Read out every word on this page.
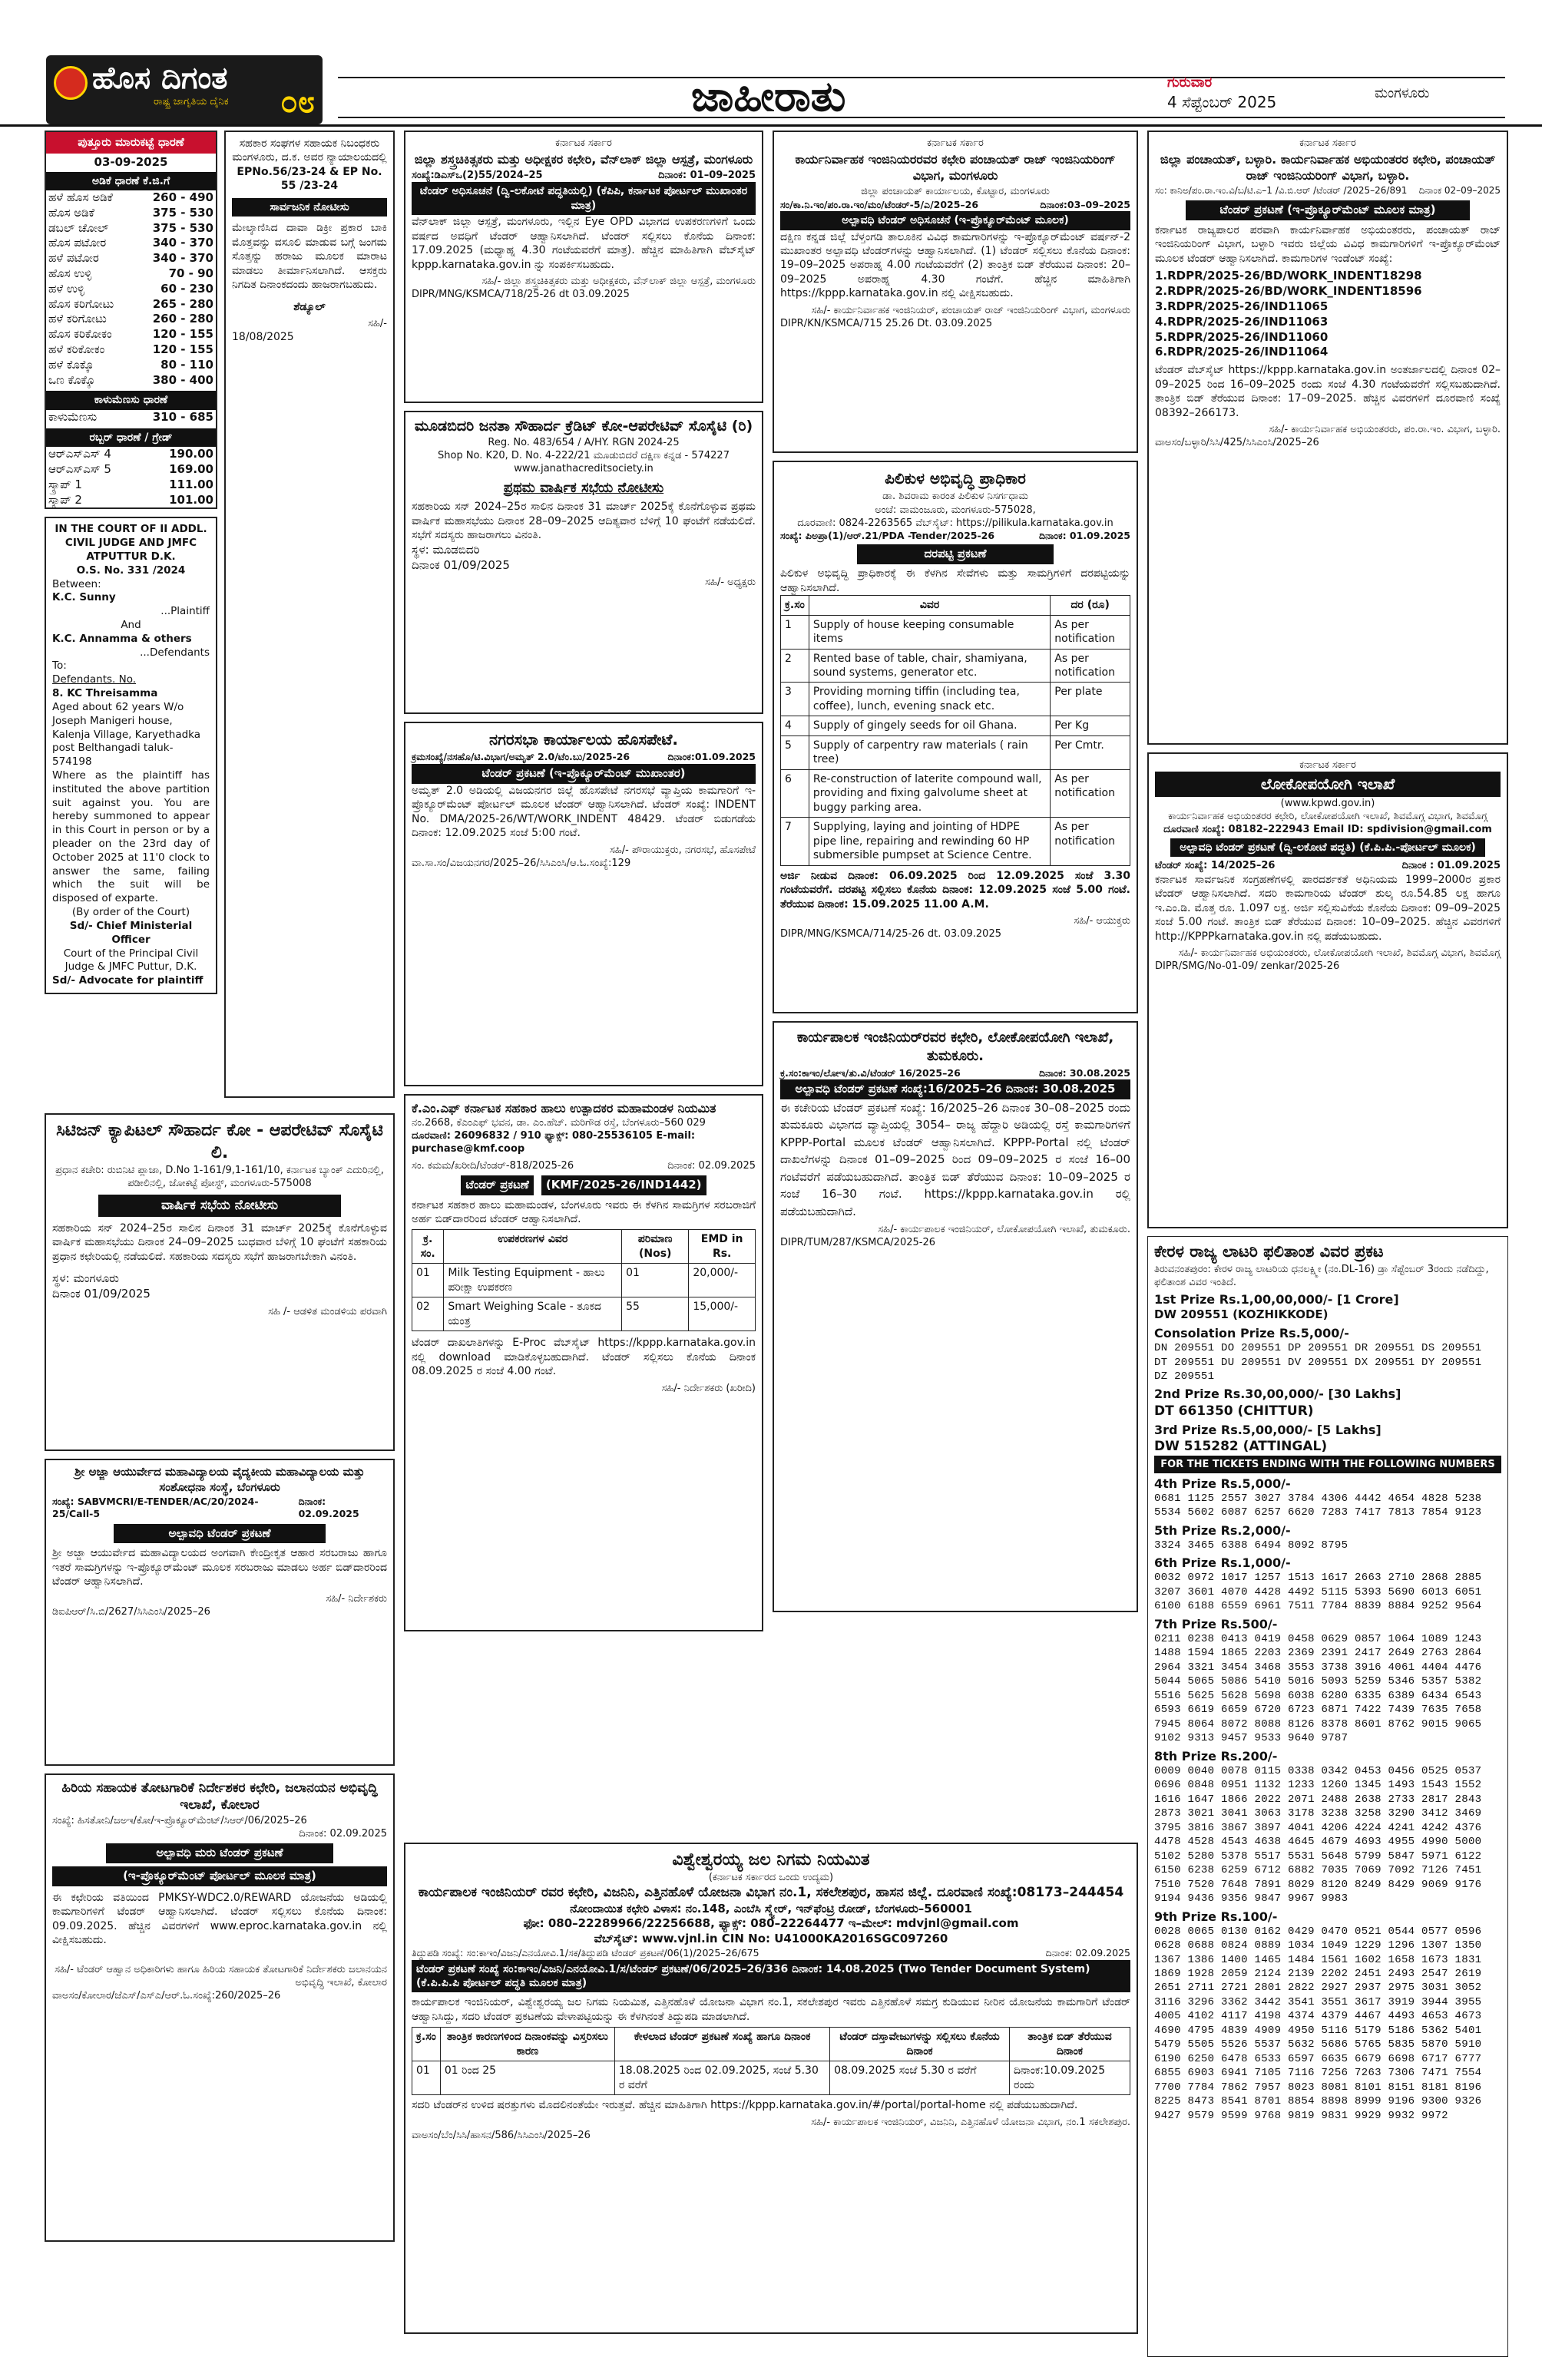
ಹೊಸ ದಿಗಂತ
ರಾಷ್ಟ್ರ ಜಾಗೃತಿಯ ದೈನಿಕ ೦೮	ಜಾಹೀರಾತು	ಗುರುವಾರ
4 ಸೆಪ್ಟೆಂಬರ್ 2025	ಮಂಗಳೂರು
ಪುತ್ತೂರು ಮಾರುಕಟ್ಟೆ ಧಾರಣೆ
03-09-2025
ಅಡಿಕೆ ಧಾರಣೆ ಕೆ.ಜಿ.ಗೆ
ಹಳೆ ಹೊಸ ಅಡಿಕೆ	260 - 490
ಹೊಸ ಅಡಿಕೆ	375 - 530
ಡಬಲ್ ಚೋಲ್	375 - 530
ಹೊಸ ಪಟೋರ	340 - 370
ಹಳೆ ಪಟೋರ	340 - 370
ಹೊಸ ಉಳ್ಳಿ	70 - 90
ಹಳೆ ಉಳ್ಳಿ	60 - 230
ಹೊಸ ಕರಿಗೋಟು	265 - 280
ಹಳೆ ಕರಿಗೋಟು	260 - 280
ಹೊಸ ಕರಿಕೋಕಂ	120 - 155
ಹಳೆ ಕರಿಕೋಕಂ	120 - 155
ಹಳೆ ಕೊಕ್ಕೊ	80 - 110
ಒಣ ಕೊಕ್ಕೊ	380 - 400
ಕಾಳುಮೆಣಸು ಧಾರಣೆ
ಕಾಳುಮೆಣಸು	310 - 685
ರಬ್ಬರ್ ಧಾರಣೆ / ಗ್ರೇಡ್
ಆರ್‌ಎಸ್‌ಎಸ್ 4	190.00
ಆರ್‌ಎಸ್‌ಎಸ್ 5	169.00
ಸ್ಕ್ರಾಪ್ 1	111.00
ಸ್ಕ್ರಾಪ್ 2	101.00
IN THE COURT OF II ADDL. CIVIL JUDGE AND JMFC ATPUTTUR D.K.
O.S. No. 331 /2024
Between:
K.C. Sunny
...Plaintiff
And
K.C. Annamma & others
...Defendants
To:
Defendants. No.
8. KC Threisamma
Aged about 62 years W/o Joseph Manigeri house, Kalenja Village, Karyethadka post Belthangadi taluk-574198
Where as the plaintiff has instituted the above partition suit against you. You are hereby summoned to appear in this Court in person or by a pleader on the 23rd day of October 2025 at 11'0 clock to answer the same, failing which the suit will be disposed of exparte.
(By order of the Court)
Sd/- Chief Ministerial Officer
Court of the Principal Civil Judge & JMFC Puttur, D.K.
Sd/- Advocate for plaintiff
ಸಹಕಾರ ಸಂಘಗಳ ಸಹಾಯಕ ನಿಬಂಧಕರು ಮಂಗಳೂರು, ದ.ಕ. ಅವರ ನ್ಯಾಯಾಲಯದಲ್ಲಿ
EPNo.56/23-24 & EP No. 55 /23-24
ಸಾರ್ವಜನಿಕ ನೋಟೀಸು
ಮೇಲ್ಕಾಣಿಸಿದ ದಾವಾ ಡಿಕ್ರೀ ಪ್ರಕಾರ ಬಾಕಿ ಮೊತ್ತವನ್ನು ವಸೂಲಿ ಮಾಡುವ ಬಗ್ಗೆ ಜಂಗಮ ಸೊತ್ತನ್ನು ಹರಾಜು ಮೂಲಕ ಮಾರಾಟ ಮಾಡಲು ತೀರ್ಮಾನಿಸಲಾಗಿದೆ. ಆಸಕ್ತರು ನಿಗದಿತ ದಿನಾಂಕದಂದು ಹಾಜರಾಗಬಹುದು.
ಶೆಡ್ಯೂಲ್
ಸಹಿ/-
18/08/2025
ಸಿಟಿಜನ್ ಕ್ಯಾಪಿಟಲ್ ಸೌಹಾರ್ದ ಕೋ - ಆಪರೇಟಿವ್ ಸೊಸೈಟಿ ಲಿ.
ಪ್ರಧಾನ ಕಚೇರಿ: ರುಬಿನಿಟಿ ಪ್ಲಾಜಾ, D.No 1-161/9,1-161/10, ಕರ್ನಾಟಕ ಬ್ಯಾಂಕ್ ಎದುರಿನಲ್ಲಿ, ಪಡೀಲಿನಲ್ಲಿ, ಜೋಕಟ್ಟೆ ಪೋಸ್ಟ್, ಮಂಗಳೂರು-575008
ವಾರ್ಷಿಕ ಸಭೆಯ ನೋಟೀಸು
ಸಹಕಾರಿಯ ಸನ್ 2024–25ರ ಸಾಲಿನ ದಿನಾಂಕ 31 ಮಾರ್ಚ್ 2025ಕ್ಕೆ ಕೊನೆಗೊಳ್ಳುವ ವಾರ್ಷಿಕ ಮಹಾಸಭೆಯು ದಿನಾಂಕ 24–09–2025 ಬುಧವಾರ ಬೆಳಿಗ್ಗೆ 10 ಘಂಟೆಗೆ ಸಹಕಾರಿಯ ಪ್ರಧಾನ ಕಛೇರಿಯಲ್ಲಿ ನಡೆಯಲಿದೆ. ಸಹಕಾರಿಯ ಸದಸ್ಯರು ಸಭೆಗೆ ಹಾಜರಾಗಬೇಕಾಗಿ ವಿನಂತಿ.
ಸ್ಥಳ: ಮಂಗಳೂರು
ದಿನಾಂಕ 01/09/2025
ಸಹಿ /- ಆಡಳಿತ ಮಂಡಳಿಯ ಪರವಾಗಿ
ಶ್ರೀ ಅಜ್ಜಾ ಆಯುರ್ವೇದ ಮಹಾವಿದ್ಯಾಲಯ ವೈದ್ಯಕೀಯ ಮಹಾವಿದ್ಯಾಲಯ ಮತ್ತು ಸಂಶೋಧನಾ ಸಂಸ್ಥೆ, ಬೆಂಗಳೂರು
ಸಂಖ್ಯೆ: SABVMCRI/E-TENDER/AC/20/2024-25/Call-5
ದಿನಾಂಕ: 02.09.2025
ಅಲ್ಪಾವಧಿ ಟೆಂಡರ್ ಪ್ರಕಟಣೆ
ಶ್ರೀ ಅಜ್ಜಾ ಆಯುರ್ವೇದ ಮಹಾವಿದ್ಯಾಲಯದ ಅಂಗವಾಗಿ ಕೇಂದ್ರೀಕೃತ ಆಹಾರ ಸರಬರಾಜು ಹಾಗೂ ಇತರೆ ಸಾಮಗ್ರಿಗಳನ್ನು ಇ-ಪ್ರೊಕ್ಯೂರ್‌ಮೆಂಟ್ ಮೂಲಕ ಸರಬರಾಜು ಮಾಡಲು ಅರ್ಹ ಬಿಡ್‌ದಾರರಿಂದ ಟೆಂಡರ್ ಆಹ್ವಾನಿಸಲಾಗಿದೆ.
ಸಹಿ/- ನಿರ್ದೇಶಕರು
ಡಿಐಪಿಆರ್/ಸಿ.ಬಿ/2627/ಸಿಸಿಎಂಸಿ/2025–26
ಹಿರಿಯ ಸಹಾಯಕ ತೋಟಗಾರಿಕೆ ನಿರ್ದೇಶಕರ ಕಛೇರಿ, ಜಲಾನಯನ ಅಭಿವೃದ್ಧಿ ಇಲಾಖೆ, ಕೋಲಾರ
ಸಂಖ್ಯೆ: ಹಿಸತೋನಿ/ಜಅಇ/ಕೋ/ಇ-ಪ್ರೊಕ್ಯೂರ್‌ಮೆಂಟ್/ಸಿಆರ್/06/2025–26
ದಿನಾಂಕ: 02.09.2025
ಅಲ್ಪಾವಧಿ ಮರು ಟೆಂಡರ್ ಪ್ರಕಟಣೆ
(ಇ-ಪ್ರೊಕ್ಯೂರ್‌ಮೆಂಟ್ ಪೋರ್ಟಲ್ ಮೂಲಕ ಮಾತ್ರ)
ಈ ಕಛೇರಿಯ ವತಿಯಿಂದ PMKSY-WDC2.0/REWARD ಯೋಜನೆಯ ಅಡಿಯಲ್ಲಿ ಕಾಮಗಾರಿಗಳಿಗೆ ಟೆಂಡರ್ ಆಹ್ವಾನಿಸಲಾಗಿದೆ. ಟೆಂಡರ್ ಸಲ್ಲಿಸಲು ಕೊನೆಯ ದಿನಾಂಕ: 09.09.2025. ಹೆಚ್ಚಿನ ವಿವರಗಳಿಗೆ www.eproc.karnataka.gov.in ನಲ್ಲಿ ವೀಕ್ಷಿಸಬಹುದು.
ಸಹಿ/- ಟೆಂಡರ್ ಆಹ್ವಾನ ಅಧಿಕಾರಿಗಳು ಹಾಗೂ ಹಿರಿಯ ಸಹಾಯಕ ತೋಟಗಾರಿಕೆ ನಿರ್ದೇಶಕರು ಜಲಾನಯನ ಅಭಿವೃದ್ಧಿ ಇಲಾಖೆ, ಕೋಲಾರ
ವಾಅಸಂ/ಕೋಲಾರ/ಜೆಎಸ್/ಎಸ್‌ಎ/ಆರ್.ಓ.ಸಂಖ್ಯೆ:260/2025–26
ಕರ್ನಾಟಕ ಸರ್ಕಾರ
ಜಿಲ್ಲಾ ಶಸ್ತ್ರಚಿಕಿತ್ಸಕರು ಮತ್ತು ಅಧೀಕ್ಷಕರ ಕಛೇರಿ, ವೆನ್‌ಲಾಕ್ ಜಿಲ್ಲಾ ಆಸ್ಪತ್ರೆ, ಮಂಗಳೂರು
ಸಂಖ್ಯೆ:ಡಿಎಸ್‌ಒ(2)55/2024–25	ದಿನಾಂಕ: 01–09–2025
ಟೆಂಡರ್ ಅಧಿಸೂಚನೆ (ದ್ವಿ-ಲಕೋಟೆ ಪದ್ಧತಿಯಲ್ಲಿ) (ಕೆಪಿಪಿ, ಕರ್ನಾಟಕ ಪೋರ್ಟಲ್ ಮುಖಾಂತರ ಮಾತ್ರ)
ವೆನ್‌ಲಾಕ್ ಜಿಲ್ಲಾ ಆಸ್ಪತ್ರೆ, ಮಂಗಳೂರು, ಇಲ್ಲಿನ Eye OPD ವಿಭಾಗದ ಉಪಕರಣಗಳಿಗೆ ಒಂದು ವರ್ಷದ ಅವಧಿಗೆ ಟೆಂಡರ್ ಆಹ್ವಾನಿಸಲಾಗಿದೆ. ಟೆಂಡರ್ ಸಲ್ಲಿಸಲು ಕೊನೆಯ ದಿನಾಂಕ: 17.09.2025 (ಮಧ್ಯಾಹ್ನ 4.30 ಗಂಟೆಯವರೆಗೆ ಮಾತ್ರ). ಹೆಚ್ಚಿನ ಮಾಹಿತಿಗಾಗಿ ವೆಬ್‌ಸೈಟ್ kppp.karnataka.gov.in ನ್ನು ಸಂಪರ್ಕಿಸಬಹುದು.
ಸಹಿ/- ಜಿಲ್ಲಾ ಶಸ್ತ್ರಚಿಕಿತ್ಸಕರು ಮತ್ತು ಅಧೀಕ್ಷಕರು, ವೆನ್‌ಲಾಕ್ ಜಿಲ್ಲಾ ಆಸ್ಪತ್ರೆ, ಮಂಗಳೂರು
DIPR/MNG/KSMCA/718/25-26 dt 03.09.2025
ಮೂಡಬಿದರಿ ಜನತಾ ಸೌಹಾರ್ದ ಕ್ರೆಡಿಟ್ ಕೋ-ಆಪರೇಟಿವ್ ಸೊಸೈಟಿ (ರಿ)
Reg. No. 483/654 / A/HY. RGN 2024-25
Shop No. K20, D. No. 4-222/21 ಮೂಡುಬಿದರೆ ದಕ್ಷಿಣ ಕನ್ನಡ - 574227
www.janathacreditsociety.in
ಪ್ರಥಮ ವಾರ್ಷಿಕ ಸಭೆಯ ನೋಟೀಸು
ಸಹಕಾರಿಯ ಸನ್ 2024–25ರ ಸಾಲಿನ ದಿನಾಂಕ 31 ಮಾರ್ಚ್ 2025ಕ್ಕೆ ಕೊನೆಗೊಳ್ಳುವ ಪ್ರಥಮ ವಾರ್ಷಿಕ ಮಹಾಸಭೆಯು ದಿನಾಂಕ 28–09–2025 ಆದಿತ್ಯವಾರ ಬೆಳಿಗ್ಗೆ 10 ಘಂಟೆಗೆ ನಡೆಯಲಿದೆ. ಸಭೆಗೆ ಸದಸ್ಯರು ಹಾಜರಾಗಲು ವಿನಂತಿ.
ಸ್ಥಳ: ಮೂಡಬಿದರಿ
ದಿನಾಂಕ 01/09/2025
ಸಹಿ/- ಅಧ್ಯಕ್ಷರು
ನಗರಸಭಾ ಕಾರ್ಯಾಲಯ ಹೊಸಪೇಟೆ.
ಕ್ರಮಸಂಖ್ಯೆ/ನಸಹೊ/ಟಿ.ವಿಭಾಗ/ಅಮೃತ್ 2.0/ಟೆಂ.ಬು/2025-26	ದಿನಾಂಕ:01.09.2025
ಟೆಂಡರ್ ಪ್ರಕಟಣೆ (ಇ-ಪ್ರೊಕ್ಯೂರ್‌ಮೆಂಟ್ ಮುಖಾಂತರ)
ಅಮೃತ್ 2.0 ಅಡಿಯಲ್ಲಿ ವಿಜಯನಗರ ಜಿಲ್ಲೆ ಹೊಸಪೇಟೆ ನಗರಸಭೆ ವ್ಯಾಪ್ತಿಯ ಕಾಮಗಾರಿಗೆ ಇ-ಪ್ರೊಕ್ಯೂರ್‌ಮೆಂಟ್ ಪೋರ್ಟಲ್ ಮೂಲಕ ಟೆಂಡರ್ ಆಹ್ವಾನಿಸಲಾಗಿದೆ. ಟೆಂಡರ್ ಸಂಖ್ಯೆ: INDENT No. DMA/2025-26/WT/WORK_INDENT 48429. ಟೆಂಡರ್ ಬಿಡುಗಡೆಯ ದಿನಾಂಕ: 12.09.2025 ಸಂಜೆ 5:00 ಗಂಟೆ.
ಸಹಿ/- ಪೌರಾಯುಕ್ತರು, ನಗರಸಭೆ, ಹೊಸಪೇಟೆ
ವಾ.ಸಾ.ಸಂ/ವಿಜಯನಗರ/2025–26/ಸಿಸಿಎಂಸಿ/ಆ.ಓ.ಸಂಖ್ಯೆ:129
ಕೆ.ಎಂ.ಎಫ್ ಕರ್ನಾಟಕ ಸಹಕಾರ ಹಾಲು ಉತ್ಪಾದಕರ ಮಹಾಮಂಡಳ ನಿಯಮಿತ
ನಂ.2668, ಕೆಎಂಎಫ್ ಭವನ, ಡಾ. ಎಂ.ಹೆಚ್. ಮರಿಗೌಡ ರಸ್ತೆ, ಬೆಂಗಳೂರು–560 029
ದೂರವಾಣಿ: 26096832 / 910 ಫ್ಯಾಕ್ಸ್: 080-25536105 E-mail: purchase@kmf.coop
ಸಂ. ಕಮಮ/ಖರೀದಿ/ಟೆಂಡರ್-818/2025-26	ದಿನಾಂಕ: 02.09.2025
ಟೆಂಡರ್ ಪ್ರಕಟಣೆ	(KMF/2025-26/IND1442)
ಕರ್ನಾಟಕ ಸಹಕಾರ ಹಾಲು ಮಹಾಮಂಡಳ, ಬೆಂಗಳೂರು ಇವರು ಈ ಕೆಳಗಿನ ಸಾಮಗ್ರಿಗಳ ಸರಬರಾಜಿಗೆ ಅರ್ಹ ಬಿಡ್‌ದಾರರಿಂದ ಟೆಂಡರ್ ಆಹ್ವಾನಿಸಲಾಗಿದೆ.
ಕ್ರ. ಸಂ.	ಉಪಕರಣಗಳ ವಿವರ	ಪರಿಮಾಣ (Nos)	EMD in Rs.
01	Milk Testing Equipment - ಹಾಲು ಪರೀಕ್ಷಾ ಉಪಕರಣ	01	20,000/-
02	Smart Weighing Scale - ತೂಕದ ಯಂತ್ರ	55	15,000/-
ಟೆಂಡರ್ ದಾಖಲಾತಿಗಳನ್ನು E-Proc ವೆಬ್‌ಸೈಟ್ https://kppp.karnataka.gov.in ನಲ್ಲಿ download ಮಾಡಿಕೊಳ್ಳಬಹುದಾಗಿದೆ. ಟೆಂಡರ್ ಸಲ್ಲಿಸಲು ಕೊನೆಯ ದಿನಾಂಕ 08.09.2025 ರ ಸಂಜೆ 4.00 ಗಂಟೆ.
ಸಹಿ/- ನಿರ್ದೇಶಕರು (ಖರೀದಿ)
ಕರ್ನಾಟಕ ಸರ್ಕಾರ
ಕಾರ್ಯನಿರ್ವಾಹಕ ಇಂಜಿನಿಯರರವರ ಕಛೇರಿ ಪಂಚಾಯತ್ ರಾಜ್ ಇಂಜಿನಿಯರಿಂಗ್ ವಿಭಾಗ, ಮಂಗಳೂರು
ಜಿಲ್ಲಾ ಪಂಚಾಯತ್ ಕಾರ್ಯಾಲಯ, ಕೊಟ್ಟಾರ, ಮಂಗಳೂರು
ಸಂ/ಕಾ.ನಿ.ಇಂ/ಪಂ.ರಾ.ಇಂ/ಮಂ/ಟೆಂಡರ್-5/ಎ/2025–26	ದಿನಾಂಕ:03–09–2025
ಅಲ್ಪಾವಧಿ ಟೆಂಡರ್ ಅಧಿಸೂಚನೆ (ಇ-ಪ್ರೊಕ್ಯೂರ್‌ಮೆಂಟ್ ಮೂಲಕ)
ದಕ್ಷಿಣ ಕನ್ನಡ ಜಿಲ್ಲೆ ಬೆಳ್ತಂಗಡಿ ತಾಲೂಕಿನ ವಿವಿಧ ಕಾಮಗಾರಿಗಳನ್ನು ಇ-ಪ್ರೊಕ್ಯೂರ್‌ಮೆಂಟ್ ವರ್ಷನ್-2 ಮುಖಾಂತರ ಅಲ್ಪಾವಧಿ ಟೆಂಡರ್‌ಗಳನ್ನು ಆಹ್ವಾನಿಸಲಾಗಿದೆ. (1) ಟೆಂಡರ್ ಸಲ್ಲಿಸಲು ಕೊನೆಯ ದಿನಾಂಕ: 19–09–2025 ಅಪರಾಹ್ನ 4.00 ಗಂಟೆಯವರೆಗೆ (2) ತಾಂತ್ರಿಕ ಬಿಡ್ ತೆರೆಯುವ ದಿನಾಂಕ: 20–09–2025 ಅಪರಾಹ್ನ 4.30 ಗಂಟೆಗೆ. ಹೆಚ್ಚಿನ ಮಾಹಿತಿಗಾಗಿ https://kppp.karnataka.gov.in ನಲ್ಲಿ ವೀಕ್ಷಿಸಬಹುದು.
ಸಹಿ/- ಕಾರ್ಯನಿರ್ವಾಹಕ ಇಂಜಿನಿಯರ್, ಪಂಚಾಯತ್ ರಾಜ್ ಇಂಜಿನಿಯರಿಂಗ್ ವಿಭಾಗ, ಮಂಗಳೂರು
DIPR/KN/KSMCA/715 25.26 Dt. 03.09.2025
ಪಿಲಿಕುಳ ಅಭಿವೃದ್ಧಿ ಪ್ರಾಧಿಕಾರ
ಡಾ. ಶಿವರಾಮ ಕಾರಂತ ಪಿಲಿಕುಳ ನಿಸರ್ಗಧಾಮ
ಅಂಚೆ: ವಾಮಂಜೂರು, ಮಂಗಳೂರು-575028,
ದೂರವಾಣಿ: 0824-2263565 ವೆಬ್‌ಸೈಟ್: https://pilikula.karnataka.gov.in
ಸಂಖ್ಯೆ: ಪಿಅಪ್ರಾ(1)/ಆರ್.21/PDA -Tender/2025-26	ದಿನಾಂಕ: 01.09.2025
ದರಪಟ್ಟಿ ಪ್ರಕಟಣೆ
ಪಿಲಿಕುಳ ಅಭಿವೃದ್ಧಿ ಪ್ರಾಧಿಕಾರಕ್ಕೆ ಈ ಕೆಳಗಿನ ಸೇವೆಗಳು ಮತ್ತು ಸಾಮಗ್ರಿಗಳಿಗೆ ದರಪಟ್ಟಿಯನ್ನು ಆಹ್ವಾನಿಸಲಾಗಿದೆ.
ಕ್ರ.ಸಂ	ವಿವರ	ದರ (ರೂ)
1	Supply of house keeping consumable items	As per notification
2	Rented base of table, chair, shamiyana, sound systems, generator etc.	As per notification
3	Providing morning tiffin (including tea, coffee), lunch, evening snack etc.	Per plate
4	Supply of gingely seeds for oil Ghana.	Per Kg
5	Supply of carpentry raw materials ( rain tree)	Per Cmtr.
6	Re-construction of laterite compound wall, providing and fixing galvolume sheet at buggy parking area.	As per notification
7	Supplying, laying and jointing of HDPE pipe line, repairing and rewinding 60 HP submersible pumpset at Science Centre.	As per notification
ಅರ್ಜಿ ನೀಡುವ ದಿನಾಂಕ: 06.09.2025 ರಿಂದ 12.09.2025 ಸಂಜೆ 3.30 ಗಂಟೆಯವರೆಗೆ. ದರಪಟ್ಟಿ ಸಲ್ಲಿಸಲು ಕೊನೆಯ ದಿನಾಂಕ: 12.09.2025 ಸಂಜೆ 5.00 ಗಂಟೆ. ತೆರೆಯುವ ದಿನಾಂಕ: 15.09.2025 11.00 A.M.
ಸಹಿ/- ಆಯುಕ್ತರು
DIPR/MNG/KSMCA/714/25-26 dt. 03.09.2025
ಕಾರ್ಯಪಾಲಕ ಇಂಜಿನಿಯರ್‌ರವರ ಕಛೇರಿ, ಲೋಕೋಪಯೋಗಿ ಇಲಾಖೆ, ತುಮಕೂರು.
ಕ್ರ.ಸಂ:ಕಾಇಂ/ಲೋಇ/ತು.ವಿ/ಟೆಂಡರ್ 16/2025–26	ದಿನಾಂಕ: 30.08.2025
ಅಲ್ಪಾವಧಿ ಟೆಂಡರ್ ಪ್ರಕಟಣೆ ಸಂಖ್ಯೆ:16/2025–26 ದಿನಾಂಕ: 30.08.2025
ಈ ಕಚೇರಿಯ ಟೆಂಡರ್ ಪ್ರಕಟಣೆ ಸಂಖ್ಯೆ: 16/2025–26 ದಿನಾಂಕ 30–08–2025 ರಂದು ತುಮಕೂರು ವಿಭಾಗದ ವ್ಯಾಪ್ತಿಯಲ್ಲಿ 3054– ರಾಜ್ಯ ಹೆದ್ದಾರಿ ಅಡಿಯಲ್ಲಿ ರಸ್ತೆ ಕಾಮಗಾರಿಗಳಿಗೆ KPPP-Portal ಮೂಲಕ ಟೆಂಡರ್ ಆಹ್ವಾನಿಸಲಾಗಿದೆ. KPPP-Portal ನಲ್ಲಿ ಟೆಂಡರ್ ದಾಖಲೆಗಳನ್ನು ದಿನಾಂಕ 01–09–2025 ರಿಂದ 09–09–2025 ರ ಸಂಜೆ 16–00 ಗಂಟೆವರೆಗೆ ಪಡೆಯಬಹುದಾಗಿದೆ. ತಾಂತ್ರಿಕ ಬಿಡ್ ತೆರೆಯುವ ದಿನಾಂಕ: 10–09–2025 ರ ಸಂಜೆ 16–30 ಗಂಟೆ. https://kppp.karnataka.gov.in ರಲ್ಲಿ ಪಡೆಯಬಹುದಾಗಿದೆ.
ಸಹಿ/- ಕಾರ್ಯಪಾಲಕ ಇಂಜಿನಿಯರ್, ಲೋಕೋಪಯೋಗಿ ಇಲಾಖೆ, ತುಮಕೂರು.
DIPR/TUM/287/KSMCA/2025-26
ವಿಶ್ವೇಶ್ವರಯ್ಯ ಜಲ ನಿಗಮ ನಿಯಮಿತ
(ಕರ್ನಾಟಕ ಸರ್ಕಾರದ ಒಂದು ಉದ್ಯಮ)
ಕಾರ್ಯಪಾಲಕ ಇಂಜಿನಿಯರ್ ರವರ ಕಛೇರಿ, ವಿಜನಿನಿ, ಎತ್ತಿನಹೊಳೆ ಯೋಜನಾ ವಿಭಾಗ ನಂ.1, ಸಕಲೇಶಪುರ, ಹಾಸನ ಜಿಲ್ಲೆ. ದೂರವಾಣಿ ಸಂಖ್ಯೆ:08173–244454
ನೋಂದಾಯಿತ ಕಛೇರಿ ವಿಳಾಸ: ನಂ.148, ಎಂಬೆಸಿ ಸ್ಕ್ವೇರ್, ಇನ್‌ಫೆಂಟ್ರಿ ರೋಡ್, ಬೆಂಗಳೂರು–560001
ಫೋ: 080–22289966/22256688, ಫ್ಯಾಕ್ಸ್: 080–22264477 ಇ–ಮೇಲ್: mdvjnl@gmail.com
ವೆಬ್‌ಸೈಟ್: www.vjnl.in CIN No: U41000KA2016SGC097260
ತಿದ್ದುಪಡಿ ಸಂಖ್ಯೆ: ಸಂ:ಕಾಇಂ/ವಿಜನಿ/ಎನಯೋವಿ.1/ಸಕ/ತಿದ್ದುಪಡಿ ಟೆಂಡರ್ ಪ್ರಕಟಣೆ/06(1)/2025–26/675	ದಿನಾಂಕ: 02.09.2025
ಟೆಂಡರ್ ಪ್ರಕಟಣೆ ಸಂಖ್ಯೆ ಸಂ:ಕಾಇಂ/ವಿಜನಿ/ಎನಯೋವಿ.1/ಸ/ಟೆಂಡರ್ ಪ್ರಕಟಣೆ/06/2025–26/336 ದಿನಾಂಕ: 14.08.2025 (Two Tender Document System) (ಕೆ.ಪಿ.ಪಿ.ಪಿ ಪೋರ್ಟಲ್ ಪದ್ಧತಿ ಮೂಲಕ ಮಾತ್ರ)
ಕಾರ್ಯಪಾಲಕ ಇಂಜಿನಿಯರ್, ವಿಶ್ವೇಶ್ವರಯ್ಯ ಜಲ ನಿಗಮ ನಿಯಮಿತ, ಎತ್ತಿನಹೊಳೆ ಯೋಜನಾ ವಿಭಾಗ ನಂ.1, ಸಕಲೇಶಪುರ ಇವರು ಎತ್ತಿನಹೊಳೆ ಸಮಗ್ರ ಕುಡಿಯುವ ನೀರಿನ ಯೋಜನೆಯ ಕಾಮಗಾರಿಗೆ ಟೆಂಡರ್ ಆಹ್ವಾನಿಸಿದ್ದು, ಸದರಿ ಟೆಂಡರ್ ಪ್ರಕಟಣೆಯ ವೇಳಾಪಟ್ಟಿಯನ್ನು ಈ ಕೆಳಗಿನಂತೆ ತಿದ್ದುಪಡಿ ಮಾಡಲಾಗಿದೆ.
ಕ್ರ.ಸಂ	ತಾಂತ್ರಿಕ ಕಾರಣಗಳಿಂದ ದಿನಾಂಕವನ್ನು ವಿಸ್ತರಿಸಲು ಕಾರಣ	ಕೇಳಲಾದ ಟೆಂಡರ್ ಪ್ರಕಟಣೆ ಸಂಖ್ಯೆ ಹಾಗೂ ದಿನಾಂಕ	ಟೆಂಡರ್ ದಸ್ತಾವೇಜುಗಳನ್ನು ಸಲ್ಲಿಸಲು ಕೊನೆಯ ದಿನಾಂಕ	ತಾಂತ್ರಿಕ ಬಿಡ್ ತೆರೆಯುವ ದಿನಾಂಕ
01	01 ರಿಂದ 25	18.08.2025 ರಿಂದ 02.09.2025, ಸಂಜೆ 5.30 ರ ವರೆಗೆ	08.09.2025 ಸಂಜೆ 5.30 ರ ವರೆಗೆ	ದಿನಾಂಕ:10.09.2025 ರಂದು
ಸದರಿ ಟೆಂಡರ್‌ನ ಉಳಿದ ಷರತ್ತುಗಳು ಮೊದಲಿನಂತೆಯೇ ಇರುತ್ತವೆ. ಹೆಚ್ಚಿನ ಮಾಹಿತಿಗಾಗಿ https://kppp.karnataka.gov.in/#/portal/portal-home ನಲ್ಲಿ ಪಡೆಯಬಹುದಾಗಿದೆ.
ಸಹಿ/- ಕಾರ್ಯಪಾಲಕ ಇಂಜಿನಿಯರ್, ವಿಜನಿನಿ, ಎತ್ತಿನಹೊಳೆ ಯೋಜನಾ ವಿಭಾಗ, ನಂ.1 ಸಕಲೇಶಪುರ.
ವಾಅಸಂ/ಬೆಂ/ಸಿಸಿ/ಹಾಸನ/586/ಸಿಸಿಎಂಸಿ/2025–26
ಕರ್ನಾಟಕ ಸರ್ಕಾರ
ಜಿಲ್ಲಾ ಪಂಚಾಯತ್, ಬಳ್ಳಾರಿ. ಕಾರ್ಯನಿರ್ವಾಹಕ ಅಭಿಯಂತರರ ಕಛೇರಿ, ಪಂಚಾಯತ್ ರಾಜ್ ಇಂಜಿನಿಯರಿಂಗ್ ವಿಭಾಗ, ಬಳ್ಳಾರಿ.
ಸಂ: ಕಾನಿಅ/ಪಂ.ರಾ.ಇಂ.ವಿ/ಬ/ಟಿ.ಎ–1 /ವಿ.ಬಿ.ಆರ್ /ಟೆಂಡರ್ /2025–26/891 ದಿನಾಂಕ 02–09–2025
ಟೆಂಡರ್ ಪ್ರಕಟಣೆ (ಇ-ಪ್ರೊಕ್ಯೂರ್‌ಮೆಂಟ್ ಮೂಲಕ ಮಾತ್ರ)
ಕರ್ನಾಟಕ ರಾಜ್ಯಪಾಲರ ಪರವಾಗಿ ಕಾರ್ಯನಿರ್ವಾಹಕ ಅಭಿಯಂತರರು, ಪಂಚಾಯತ್ ರಾಜ್ ಇಂಜಿನಿಯರಿಂಗ್ ವಿಭಾಗ, ಬಳ್ಳಾರಿ ಇವರು ಜಿಲ್ಲೆಯ ವಿವಿಧ ಕಾಮಗಾರಿಗಳಿಗೆ ಇ-ಪ್ರೊಕ್ಯೂರ್‌ಮೆಂಟ್ ಮೂಲಕ ಟೆಂಡರ್ ಆಹ್ವಾನಿಸಲಾಗಿದೆ. ಕಾಮಗಾರಿಗಳ ಇಂಡೆಂಟ್ ಸಂಖ್ಯೆ:
1.RDPR/2025-26/BD/WORK_INDENT18298
2.RDPR/2025-26/BD/WORK_INDENT18596
3.RDPR/2025-26/IND11065
4.RDPR/2025-26/IND11063
5.RDPR/2025-26/IND11060
6.RDPR/2025-26/IND11064
ಟೆಂಡರ್ ವೆಬ್‌ಸೈಟ್ https://kppp.karnataka.gov.in ಅಂತರ್ಜಾಲದಲ್ಲಿ ದಿನಾಂಕ 02–09–2025 ರಿಂದ 16–09–2025 ರಂದು ಸಂಜೆ 4.30 ಗಂಟೆಯವರೆಗೆ ಸಲ್ಲಿಸಬಹುದಾಗಿದೆ. ತಾಂತ್ರಿಕ ಬಿಡ್ ತೆರೆಯುವ ದಿನಾಂಕ: 17–09–2025. ಹೆಚ್ಚಿನ ವಿವರಗಳಿಗೆ ದೂರವಾಣಿ ಸಂಖ್ಯೆ 08392–266173.
ಸಹಿ/- ಕಾರ್ಯನಿರ್ವಾಹಕ ಅಭಿಯಂತರರು, ಪಂ.ರಾ.ಇಂ. ವಿಭಾಗ, ಬಳ್ಳಾರಿ.
ವಾಅಸಂ/ಬಳ್ಳಾರಿ/ಸಿಸಿ/425/ಸಿಸಿಎಂಸಿ/2025–26
ಕರ್ನಾಟಕ ಸರ್ಕಾರ
ಲೋಕೋಪಯೋಗಿ ಇಲಾಖೆ
(www.kpwd.gov.in)
ಕಾರ್ಯನಿರ್ವಾಹಕ ಅಭಿಯಂತರರ ಕಛೇರಿ, ಲೋಕೋಪಯೋಗಿ ಇಲಾಖೆ, ಶಿವಮೊಗ್ಗ ವಿಭಾಗ, ಶಿವಮೊಗ್ಗ
ದೂರವಾಣಿ ಸಂಖ್ಯೆ: 08182–222943 Email ID: spdivision@gmail.com
ಅಲ್ಪಾವಧಿ ಟೆಂಡರ್ ಪ್ರಕಟಣೆ (ದ್ವಿ-ಲಕೋಟೆ ಪದ್ಧತಿ) (ಕೆ.ಪಿ.ಪಿ.-ಪೋರ್ಟಲ್ ಮೂಲಕ)
ಟೆಂಡರ್ ಸಂಖ್ಯೆ: 14/2025–26	ದಿನಾಂಕ : 01.09.2025
ಕರ್ನಾಟಕ ಸಾರ್ವಜನಿಕ ಸಂಗ್ರಹಣೆಗಳಲ್ಲಿ ಪಾರದರ್ಶಕತೆ ಅಧಿನಿಯಮ 1999–2000ರ ಪ್ರಕಾರ ಟೆಂಡರ್ ಆಹ್ವಾನಿಸಲಾಗಿದೆ. ಸದರಿ ಕಾಮಗಾರಿಯ ಟೆಂಡರ್ ಶುಲ್ಕ ರೂ.54.85 ಲಕ್ಷ ಹಾಗೂ ಇ.ಎಂ.ಡಿ. ಮೊತ್ತ ರೂ. 1.097 ಲಕ್ಷ. ಅರ್ಜಿ ಸಲ್ಲಿಸುವಿಕೆಯ ಕೊನೆಯ ದಿನಾಂಕ: 09–09–2025 ಸಂಜೆ 5.00 ಗಂಟೆ. ತಾಂತ್ರಿಕ ಬಿಡ್ ತೆರೆಯುವ ದಿನಾಂಕ: 10–09–2025. ಹೆಚ್ಚಿನ ವಿವರಗಳಿಗೆ http://KPPPkarnataka.gov.in ನಲ್ಲಿ ಪಡೆಯಬಹುದು.
ಸಹಿ/- ಕಾರ್ಯನಿರ್ವಾಹಕ ಅಭಿಯಂತರರು, ಲೋಕೋಪಯೋಗಿ ಇಲಾಖೆ, ಶಿವಮೊಗ್ಗ ವಿಭಾಗ, ಶಿವಮೊಗ್ಗ
DIPR/SMG/No-01-09/ zenkar/2025-26
ಕೇರಳ ರಾಜ್ಯ ಲಾಟರಿ ಫಲಿತಾಂಶ ವಿವರ ಪ್ರಕಟ
ತಿರುವನಂತಪುರಂ: ಕೇರಳ ರಾಜ್ಯ ಲಾಟರಿಯ ಧನಲಕ್ಷ್ಮೀ (ನಂ.DL-16) ಡ್ರಾ ಸೆಪ್ಟೆಂಬರ್ 3ರಂದು ನಡೆದಿದ್ದು, ಫಲಿತಾಂಶ ವಿವರ ಇಂತಿದೆ.
1st Prize Rs.1,00,00,000/- [1 Crore]
DW 209551 (KOZHIKKODE)
Consolation Prize Rs.5,000/-
DN 209551 DO 209551 DP 209551 DR 209551 DS 209551 DT 209551 DU 209551 DV 209551 DX 209551 DY 209551 DZ 209551
2nd Prize Rs.30,00,000/- [30 Lakhs]
DT 661350 (CHITTUR)
3rd Prize Rs.5,00,000/- [5 Lakhs]
DW 515282 (ATTINGAL)
FOR THE TICKETS ENDING WITH THE FOLLOWING NUMBERS
4th Prize Rs.5,000/-
0681 1125 2557 3027 3784 4306 4442 4654 4828 5238 5534 5602 6087 6257 6620 7283 7417 7813 7854 9123
5th Prize Rs.2,000/-
3324 3465 6388 6494 8092 8795
6th Prize Rs.1,000/-
0032 0972 1017 1257 1513 1617 2663 2710 2868 2885 3207 3601 4070 4428 4492 5115 5393 5690 6013 6051 6100 6188 6559 6961 7511 7784 8839 8884 9252 9564
7th Prize Rs.500/-
0211 0238 0413 0419 0458 0629 0857 1064 1089 1243 1488 1594 1865 2203 2369 2391 2417 2649 2763 2864 2964 3321 3454 3468 3553 3738 3916 4061 4404 4476 5044 5065 5086 5410 5016 5093 5259 5346 5357 5382 5516 5625 5628 5698 6038 6280 6335 6389 6434 6543 6593 6619 6659 6720 6723 6871 7422 7439 7635 7658 7945 8064 8072 8088 8126 8378 8601 8762 9015 9065 9102 9313 9457 9533 9640 9787
8th Prize Rs.200/-
0009 0040 0078 0115 0338 0342 0453 0456 0525 0537 0696 0848 0951 1132 1233 1260 1345 1493 1543 1552 1616 1647 1866 2022 2071 2488 2638 2733 2817 2843 2873 3021 3041 3063 3178 3238 3258 3290 3412 3469 3795 3816 3867 3897 4041 4206 4224 4241 4242 4376 4478 4528 4543 4638 4645 4679 4693 4955 4990 5000 5102 5280 5378 5517 5531 5648 5799 5847 5971 6122 6150 6238 6259 6712 6882 7035 7069 7092 7126 7451 7510 7520 7648 7891 8029 8120 8249 8429 9069 9176 9194 9436 9356 9847 9967 9983
9th Prize Rs.100/-
0028 0065 0130 0162 0429 0470 0521 0544 0577 0596 0628 0688 0824 0889 1034 1049 1229 1296 1307 1350 1367 1386 1400 1465 1484 1561 1602 1658 1673 1831 1869 1928 2059 2124 2139 2202 2451 2493 2547 2619 2651 2711 2721 2801 2822 2927 2937 2975 3031 3052 3116 3296 3362 3442 3541 3551 3617 3919 3944 3955 4005 4102 4117 4198 4374 4379 4467 4493 4653 4673 4690 4795 4839 4909 4950 5116 5179 5186 5362 5401 5479 5505 5526 5537 5632 5686 5765 5835 5870 5910 6190 6250 6478 6533 6597 6635 6679 6698 6717 6777 6855 6903 6941 7105 7116 7256 7263 7306 7471 7554 7700 7784 7862 7957 8023 8081 8101 8151 8181 8196 8225 8473 8541 8701 8854 8898 8999 9196 9300 9326 9427 9579 9599 9768 9819 9831 9929 9932 9972
